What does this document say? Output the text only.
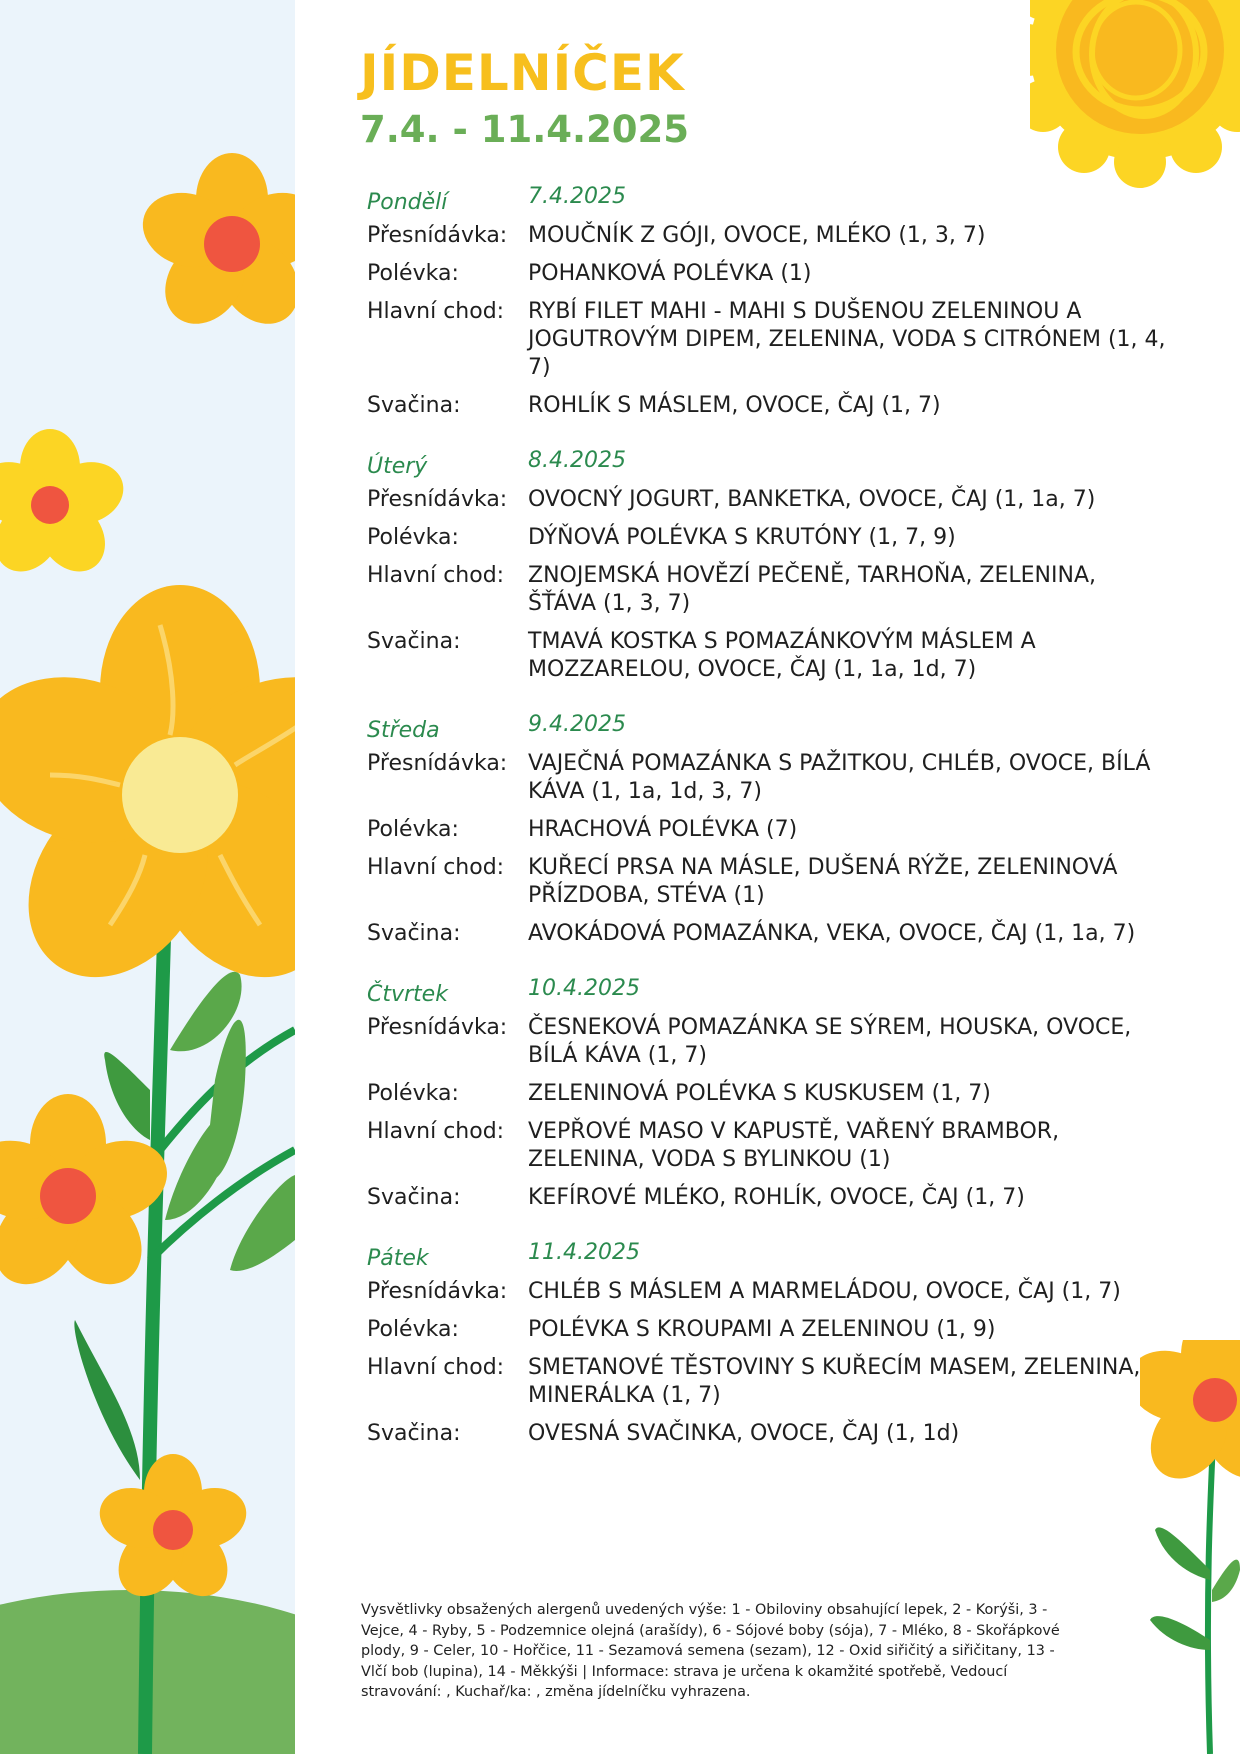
JÍDELNÍČEK
7.4. - 11.4.2025
Pondělí	7.4.2025
Přesnídávka: MOUČNÍK Z GÓJI, OVOCE, MLÉKO (1, 3, 7)
Polévka:	POHANKOVÁ POLÉVKA (1)
Hlavní chod:	RYBÍ FILET MAHI - MAHI S DUŠENOU ZELENINOU A JOGUTROVÝM DIPEM, ZELENINA, VODA S CITRÓNEM (1, 4, 7)
Svačina:	ROHLÍK S MÁSLEM, OVOCE, ČAJ (1, 7)
Úterý	8.4.2025
Přesnídávka: OVOCNÝ JOGURT, BANKETKA, OVOCE, ČAJ (1, 1a, 7)
Polévka:	DÝŇOVÁ POLÉVKA S KRUTÓNY (1, 7, 9)
Hlavní chod:	ZNOJEMSKÁ HOVĚZÍ PEČENĚ, TARHOŇA, ZELENINA, ŠŤÁVA (1, 3, 7)
Svačina:	TMAVÁ KOSTKA S POMAZÁNKOVÝM MÁSLEM A MOZZARELOU, OVOCE, ČAJ (1, 1a, 1d, 7)
Středa	9.4.2025
Přesnídávka: VAJEČNÁ POMAZÁNKA S PAŽITKOU, CHLÉB, OVOCE, BÍLÁ KÁVA (1, 1a, 1d, 3, 7)
Polévka:	HRACHOVÁ POLÉVKA (7)
Hlavní chod:	KUŘECÍ PRSA NA MÁSLE, DUŠENÁ RÝŽE, ZELENINOVÁ PŘÍZDOBA, STÉVA (1)
Svačina:	AVOKÁDOVÁ POMAZÁNKA, VEKA, OVOCE, ČAJ (1, 1a, 7)
Čtvrtek	10.4.2025
Přesnídávka: ČESNEKOVÁ POMAZÁNKA SE SÝREM, HOUSKA, OVOCE, BÍLÁ KÁVA (1, 7)
Polévka:	ZELENINOVÁ POLÉVKA S KUSKUSEM (1, 7)
Hlavní chod:	VEPŘOVÉ MASO V KAPUSTĚ, VAŘENÝ BRAMBOR, ZELENINA, VODA S BYLINKOU (1)
Svačina:	KEFÍROVÉ MLÉKO, ROHLÍK, OVOCE, ČAJ (1, 7)
Pátek	11.4.2025
Přesnídávka: CHLÉB S MÁSLEM A MARMELÁDOU, OVOCE, ČAJ (1, 7)
Polévka:	POLÉVKA S KROUPAMI A ZELENINOU (1, 9)
Hlavní chod:	SMETANOVÉ TĚSTOVINY S KUŘECÍM MASEM, ZELENINA, MINERÁLKA (1, 7)
Svačina:	OVESNÁ SVAČINKA, OVOCE, ČAJ (1, 1d)

Vysvětlivky obsažených alergenů uvedených výše: 1 - Obiloviny obsahující lepek, 2 - Korýši, 3 - Vejce, 4 - Ryby, 5 - Podzemnice olejná (arašídy), 6 - Sójové boby (sója), 7 - Mléko, 8 - Skořápkové plody, 9 - Celer, 10 - Hořčice, 11 - Sezamová semena (sezam), 12 - Oxid siřičitý a siřičitany, 13 - Vlčí bob (lupina), 14 - Měkkýši | Informace: strava je určena k okamžité spotřebě, Vedoucí stravování: , Kuchař/ka: , změna jídelníčku vyhrazena.
